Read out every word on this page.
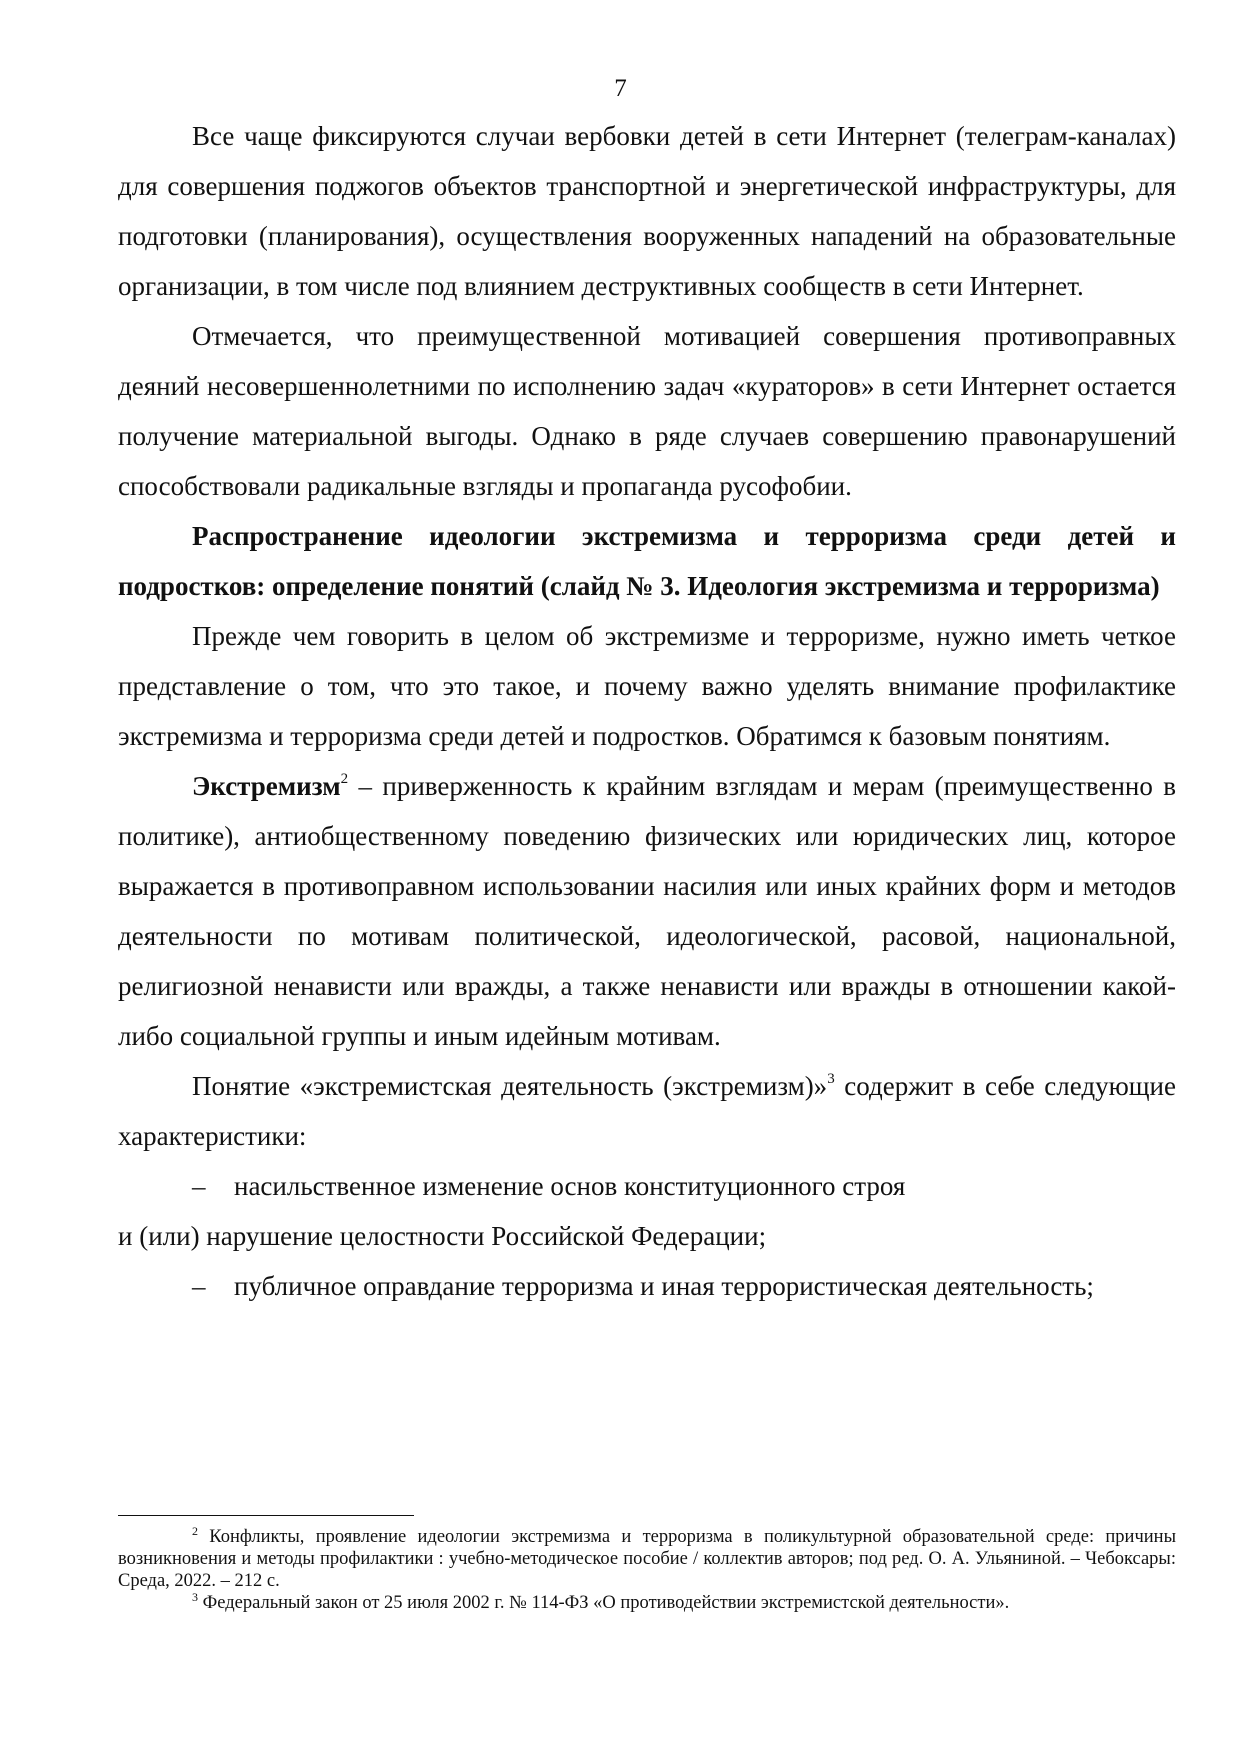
7

Все чаще фиксируются случаи вербовки детей в сети Интернет (телеграм-каналах) для совершения поджогов объектов транспортной и энергетической инфраструктуры, для подготовки (планирования), осуществления вооруженных нападений на образовательные организации, в том числе под влиянием деструктивных сообществ в сети Интернет.

Отмечается, что преимущественной мотивацией совершения противоправных деяний несовершеннолетними по исполнению задач «кураторов» в сети Интернет остается получение материальной выгоды. Однако в ряде случаев совершению правонарушений способствовали радикальные взгляды и пропаганда русофобии.

Распространение идеологии экстремизма и терроризма среди детей и подростков: определение понятий (слайд № 3. Идеология экстремизма и терроризма)

Прежде чем говорить в целом об экстремизме и терроризме, нужно иметь четкое представление о том, что это такое, и почему важно уделять внимание профилактике экстремизма и терроризма среди детей и подростков. Обратимся к базовым понятиям.

Экстремизм$^2$ – приверженность к крайним взглядам и мерам (преимущественно в политике), антиобщественному поведению физических или юридических лиц, которое выражается в противоправном использовании насилия или иных крайних форм и методов деятельности по мотивам политической, идеологической, расовой, национальной, религиозной ненависти или вражды, а также ненависти или вражды в отношении какой-либо социальной группы и иным идейным мотивам.

Понятие «экстремистская деятельность (экстремизм)»$^3$ содержит в себе следующие характеристики:

– насильственное изменение основ конституционного строя

и (или) нарушение целостности Российской Федерации;

– публичное оправдание терроризма и иная террористическая деятельность;

$^2$ Конфликты, проявление идеологии экстремизма и терроризма в поликультурной образовательной среде: причины возникновения и методы профилактики : учебно-методическое пособие / коллектив авторов; под ред. О. А. Ульяниной. – Чебоксары: Среда, 2022. – 212 с.

$^3$ Федеральный закон от 25 июля 2002 г. № 114-ФЗ «О противодействии экстремистской деятельности».
